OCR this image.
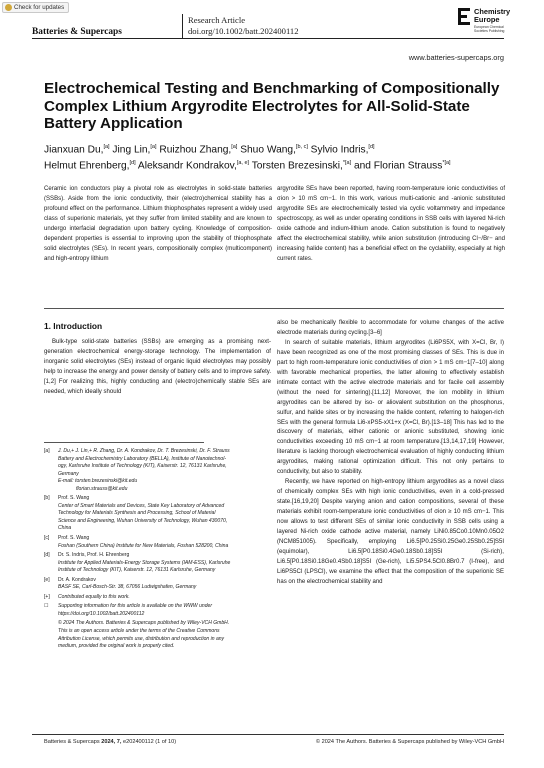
Check for updates
Batteries & Supercaps
Research Article
doi.org/10.1002/batt.202400112
Chemistry
Europe
European Chemical
Societies Publishing
www.batteries-supercaps.org
Electrochemical Testing and Benchmarking of Compositionally Complex Lithium Argyrodite Electrolytes for All-Solid-State Battery Application
Jianxuan Du,[a] Jing Lin,[a] Ruizhou Zhang,[a] Shuo Wang,[b, c] Sylvio Indris,[d]
Helmut Ehrenberg,[d] Aleksandr Kondrakov,[a, e] Torsten Brezesinski,$^{*[a]}$ and Florian Strauss$^{*[a]}$

Ceramic ion conductors play a pivotal role as electrolytes in solid-state batteries (SSBs). Aside from the ionic conductivity, their (electro)chemical stability has a profound effect on the performance. Lithium thiophosphates represent a widely used class of superionic materials, yet they suffer from limited stability and are known to undergo interfacial degradation upon battery cycling. Knowledge of composition-dependent properties is essential to improving upon the stability of thiophosphate solid electrolytes (SEs). In recent years, compositionally complex (multicomponent) and high-entropy lithium

argyrodite SEs have been reported, having room-temperature ionic conductivities of σion > 10 mS cm−1. In this work, various multi-cationic and -anionic substituted argyrodite SEs are electrochemically tested via cyclic voltammetry and impedance spectroscopy, as well as under operating conditions in SSB cells with layered Ni-rich oxide cathode and indium-lithium anode. Cation substitution is found to negatively affect the electrochemical stability, while anion substitution (introducing Cl−/Br− and increasing halide content) has a beneficial effect on the cyclability, especially at high current rates.

1. Introduction

Bulk-type solid-state batteries (SSBs) are emerging as a promising next-generation electrochemical energy-storage technology. The implementation of inorganic solid electrolytes (SEs) instead of organic liquid electrolytes may possibly help to increase the energy and power density of battery cells and to improve safety.[1,2] For realizing this, highly conducting and (electro)chemically stable SEs are needed, which ideally should

also be mechanically flexible to accommodate for volume changes of the active electrode materials during cycling.[3–6]

In search of suitable materials, lithium argyrodites (Li6PS5X, with X=Cl, Br, I) have been recognized as one of the most promising classes of SEs. This is due in part to high room-temperature ionic conductivities of σion > 1 mS cm−1[7–10] along with favorable mechanical properties, the latter allowing to effectively establish intimate contact with the active electrode materials and for facile cell assembly (without the need for sintering).[11,12] Moreover, the ion mobility in lithium argyrodites can be altered by iso- or aliovalent substitution on the phosphorus, sulfur, and halide sites or by increasing the halide content, referring to halogen-rich SEs with the general formula Li6-xPS5-xX1+x (X=Cl, Br).[13–18] This has led to the discovery of materials, either cationic or anionic substituted, showing ionic conductivities exceeding 10 mS cm−1 at room temperature.[13,14,17,19] However, literature is lacking thorough electrochemical evaluation of highly conducting lithium argyrodites, making rational optimization difficult. This not only pertains to conductivity, but also to stability.

Recently, we have reported on high-entropy lithium argyrodites as a novel class of chemically complex SEs with high ionic conductivities, even in a cold-pressed state.[16,19,20] Despite varying anion and cation compositions, several of these materials exhibit room-temperature ionic conductivities of σion ≥ 10 mS cm−1. This now allows to test different SEs of similar ionic conductivity in SSB cells using a layered Ni-rich oxide cathode active material, namely LiNi0.85Co0.10Mn0.05O2 (NCM851005). Specifically, employing Li6.5[P0.25Si0.25Ge0.25Sb0.25]S5I (equimolar), Li6.5[P0.18Si0.4Ge0.18Sb0.18]S5I (Si-rich), Li6.5[P0.18Si0.18Ge0.4Sb0.18]S5I (Ge-rich), Li5.5PS4.5Cl0.8Br0.7 (I-free), and Li6PS5Cl (LPSCl), we examine the effect that the composition of the superionic SE has on the electrochemical stability and

[a]	J. Du,+ J. Lin,+ R. Zhang, Dr. A. Kondrakov, Dr. T. Brezesinski, Dr. F. Strauss
Battery and Electrochemistry Laboratory (BELLA), Institute of Nanotechnol-
ogy, Karlsruhe Institute of Technology (KIT), Kaiserstr. 12, 76131 Karlsruhe,
Germany
E-mail: torsten.brezesinski@kit.edu
florian.strauss@kit.edu
[b]	Prof. S. Wang
Center of Smart Materials and Devices, State Key Laboratory of Advanced
Technology for Materials Synthesis and Processing, School of Material
Science and Engineering, Wuhan University of Technology, Wuhan 430070,
China
[c]	Prof. S. Wang
Foshan (Southern China) Institute for New Materials, Foshan 528200, China
[d]	Dr. S. Indris, Prof. H. Ehrenberg
Institute for Applied Materials-Energy Storage Systems (IAM-ESS), Karlsruhe
Institute of Technology (KIT), Kaiserstr. 12, 76131 Karlsruhe, Germany
[e]	Dr. A. Kondrakov
BASF SE, Carl-Bosch-Str. 38, 67056 Ludwigshafen, Germany
[+]	Contributed equally to this work.
☐	Supporting information for this article is available on the WWW under
https://doi.org/10.1002/batt.202400112
© 2024 The Authors. Batteries & Supercaps published by Wiley-VCH GmbH.
This is an open access article under the terms of the Creative Commons
Attribution License, which permits use, distribution and reproduction in any
medium, provided the original work is properly cited.
Batteries & Supercaps 2024, 7, e202400112 (1 of 10)	© 2024 The Authors. Batteries & Supercaps published by Wiley-VCH GmbH
